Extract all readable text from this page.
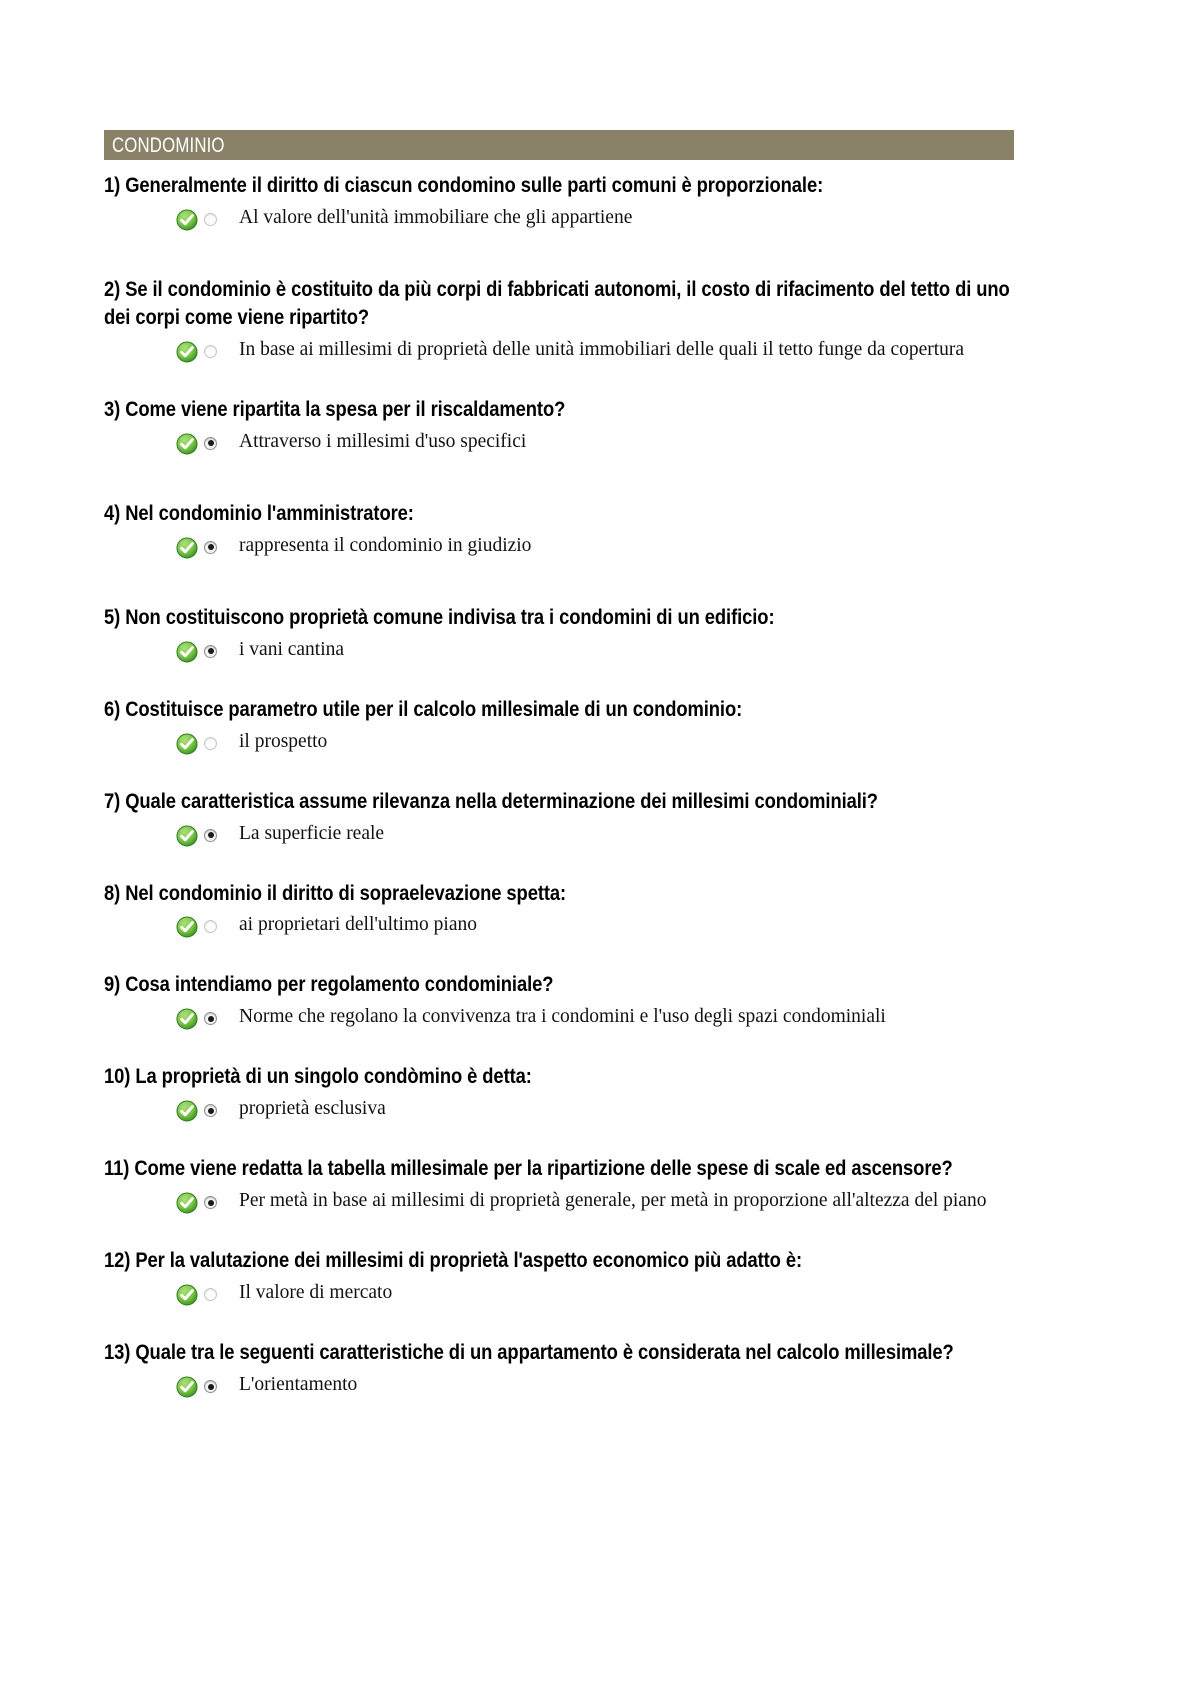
CONDOMINIO
1) Generalmente il diritto di ciascun condomino sulle parti comuni è proporzionale:
Al valore dell'unità immobiliare che gli appartiene
2) Se il condominio è costituito da più corpi di fabbricati autonomi, il costo di rifacimento del tetto di uno dei corpi come viene ripartito?
In base ai millesimi di proprietà delle unità immobiliari delle quali il tetto funge da copertura
3) Come viene ripartita la spesa per il riscaldamento?
Attraverso i millesimi d'uso specifici
4) Nel condominio l'amministratore:
rappresenta il condominio in giudizio
5) Non costituiscono proprietà comune indivisa tra i condomini di un edificio:
i vani cantina
6) Costituisce parametro utile per il calcolo millesimale di un condominio:
il prospetto
7) Quale caratteristica assume rilevanza nella determinazione dei millesimi condominiali?
La superficie reale
8) Nel condominio il diritto di sopraelevazione spetta:
ai proprietari dell'ultimo piano
9) Cosa intendiamo per regolamento condominiale?
Norme che regolano la convivenza tra i condomini e l'uso degli spazi condominiali
10) La proprietà di un singolo condòmino è detta:
proprietà esclusiva
11) Come viene redatta la tabella millesimale per la ripartizione delle spese di scale ed ascensore?
Per metà in base ai millesimi di proprietà generale, per metà in proporzione all'altezza del piano
12) Per la valutazione dei millesimi di proprietà l'aspetto economico più adatto è:
Il valore di mercato
13) Quale tra le seguenti caratteristiche di un appartamento è considerata nel calcolo millesimale?
L'orientamento
